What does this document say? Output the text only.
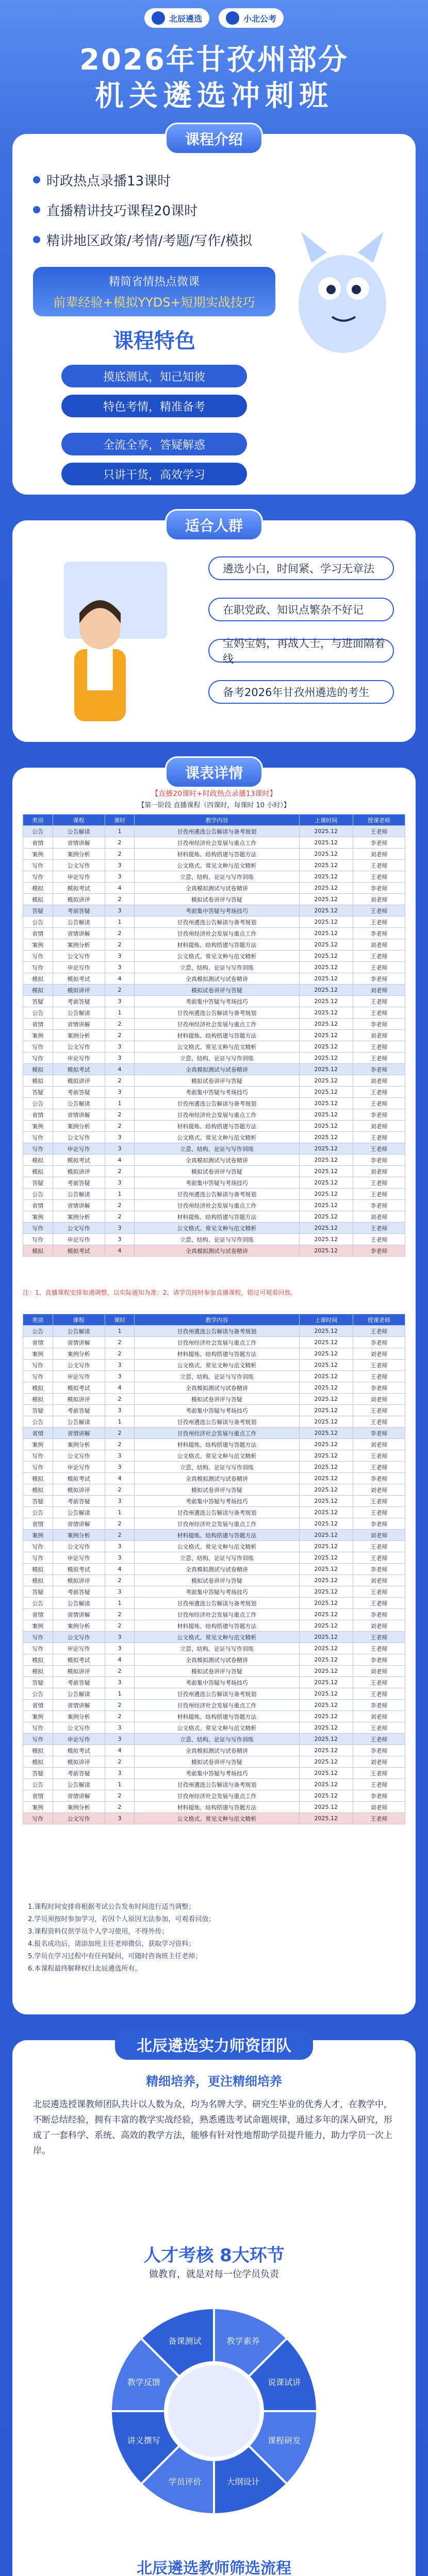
北辰遴选	小北公考
2026年甘孜州部分
机关遴选冲刺班
课程介绍
时政热点录播13课时
直播精讲技巧课程20课时
精讲地区政策/考情/考题/写作/模拟
精简省情热点微课
前辈经验+模拟YYDS+短期实战技巧
课程特色
摸底测试，知己知彼
特色考情，精准备考
全流全享，答疑解惑
只讲干货，高效学习
适合人群
遴选小白，时间紧、学习无章法
在职党政、知识点繁杂不好记
宝妈宝妈，再战人士，与进面隔着线
备考2026年甘孜州遴选的考生
课表详情
【直播20课时+时政热点录播13课时】
【第一阶段 直播课程（四课时，每课时 10 小时）】
类别	课程	课时	教学内容	上课时间	授课老师
公告	公告解读	1	甘孜州遴选公告解读与备考规划	2025.12	王老师
省情	省情讲解	2	甘孜州经济社会发展与重点工作	2025.12	李老师
案例	案例分析	2	材料提炼、结构搭建与答题方法	2025.12	刘老师
写作	公文写作	3	公文格式、常见文种与范文精析	2025.12	王老师
写作	申论写作	3	立意、结构、论证与写作训练	2025.12	王老师
模拟	模拟考试	4	全真模拟测试与试卷精讲	2025.12	李老师
模拟	模拟讲评	2	模拟试卷讲评与答疑	2025.12	刘老师
答疑	考前答疑	3	考前集中答疑与考场技巧	2025.12	王老师
公告	公告解读	1	甘孜州遴选公告解读与备考规划	2025.12	王老师
省情	省情讲解	2	甘孜州经济社会发展与重点工作	2025.12	李老师
案例	案例分析	2	材料提炼、结构搭建与答题方法	2025.12	刘老师
写作	公文写作	3	公文格式、常见文种与范文精析	2025.12	王老师
写作	申论写作	3	立意、结构、论证与写作训练	2025.12	王老师
模拟	模拟考试	4	全真模拟测试与试卷精讲	2025.12	李老师
模拟	模拟讲评	2	模拟试卷讲评与答疑	2025.12	刘老师
答疑	考前答疑	3	考前集中答疑与考场技巧	2025.12	王老师
公告	公告解读	1	甘孜州遴选公告解读与备考规划	2025.12	王老师
省情	省情讲解	2	甘孜州经济社会发展与重点工作	2025.12	李老师
案例	案例分析	2	材料提炼、结构搭建与答题方法	2025.12	刘老师
写作	公文写作	3	公文格式、常见文种与范文精析	2025.12	王老师
写作	申论写作	3	立意、结构、论证与写作训练	2025.12	王老师
模拟	模拟考试	4	全真模拟测试与试卷精讲	2025.12	李老师
模拟	模拟讲评	2	模拟试卷讲评与答疑	2025.12	刘老师
答疑	考前答疑	3	考前集中答疑与考场技巧	2025.12	王老师
公告	公告解读	1	甘孜州遴选公告解读与备考规划	2025.12	王老师
省情	省情讲解	2	甘孜州经济社会发展与重点工作	2025.12	李老师
案例	案例分析	2	材料提炼、结构搭建与答题方法	2025.12	刘老师
写作	公文写作	3	公文格式、常见文种与范文精析	2025.12	王老师
写作	申论写作	3	立意、结构、论证与写作训练	2025.12	王老师
模拟	模拟考试	4	全真模拟测试与试卷精讲	2025.12	李老师
模拟	模拟讲评	2	模拟试卷讲评与答疑	2025.12	刘老师
答疑	考前答疑	3	考前集中答疑与考场技巧	2025.12	王老师
公告	公告解读	1	甘孜州遴选公告解读与备考规划	2025.12	王老师
省情	省情讲解	2	甘孜州经济社会发展与重点工作	2025.12	李老师
案例	案例分析	2	材料提炼、结构搭建与答题方法	2025.12	刘老师
写作	公文写作	3	公文格式、常见文种与范文精析	2025.12	王老师
写作	申论写作	3	立意、结构、论证与写作训练	2025.12	王老师
模拟	模拟考试	4	全真模拟测试与试卷精讲	2025.12	李老师
注：1、直播课程安排如遇调整，以实际通知为准；2、请学员按时参加直播课程，错过可观看回放。
类别	课程	课时	教学内容	上课时间	授课老师
公告	公告解读	1	甘孜州遴选公告解读与备考规划	2025.12	王老师
省情	省情讲解	2	甘孜州经济社会发展与重点工作	2025.12	李老师
案例	案例分析	2	材料提炼、结构搭建与答题方法	2025.12	刘老师
写作	公文写作	3	公文格式、常见文种与范文精析	2025.12	王老师
写作	申论写作	3	立意、结构、论证与写作训练	2025.12	王老师
模拟	模拟考试	4	全真模拟测试与试卷精讲	2025.12	李老师
模拟	模拟讲评	2	模拟试卷讲评与答疑	2025.12	刘老师
答疑	考前答疑	3	考前集中答疑与考场技巧	2025.12	王老师
公告	公告解读	1	甘孜州遴选公告解读与备考规划	2025.12	王老师
省情	省情讲解	2	甘孜州经济社会发展与重点工作	2025.12	李老师
案例	案例分析	2	材料提炼、结构搭建与答题方法	2025.12	刘老师
写作	公文写作	3	公文格式、常见文种与范文精析	2025.12	王老师
写作	申论写作	3	立意、结构、论证与写作训练	2025.12	王老师
模拟	模拟考试	4	全真模拟测试与试卷精讲	2025.12	李老师
模拟	模拟讲评	2	模拟试卷讲评与答疑	2025.12	刘老师
答疑	考前答疑	3	考前集中答疑与考场技巧	2025.12	王老师
公告	公告解读	1	甘孜州遴选公告解读与备考规划	2025.12	王老师
省情	省情讲解	2	甘孜州经济社会发展与重点工作	2025.12	李老师
案例	案例分析	2	材料提炼、结构搭建与答题方法	2025.12	刘老师
写作	公文写作	3	公文格式、常见文种与范文精析	2025.12	王老师
写作	申论写作	3	立意、结构、论证与写作训练	2025.12	王老师
模拟	模拟考试	4	全真模拟测试与试卷精讲	2025.12	李老师
模拟	模拟讲评	2	模拟试卷讲评与答疑	2025.12	刘老师
答疑	考前答疑	3	考前集中答疑与考场技巧	2025.12	王老师
公告	公告解读	1	甘孜州遴选公告解读与备考规划	2025.12	王老师
省情	省情讲解	2	甘孜州经济社会发展与重点工作	2025.12	李老师
案例	案例分析	2	材料提炼、结构搭建与答题方法	2025.12	刘老师
写作	公文写作	3	公文格式、常见文种与范文精析	2025.12	王老师
写作	申论写作	3	立意、结构、论证与写作训练	2025.12	王老师
模拟	模拟考试	4	全真模拟测试与试卷精讲	2025.12	李老师
模拟	模拟讲评	2	模拟试卷讲评与答疑	2025.12	刘老师
答疑	考前答疑	3	考前集中答疑与考场技巧	2025.12	王老师
公告	公告解读	1	甘孜州遴选公告解读与备考规划	2025.12	王老师
省情	省情讲解	2	甘孜州经济社会发展与重点工作	2025.12	李老师
案例	案例分析	2	材料提炼、结构搭建与答题方法	2025.12	刘老师
写作	公文写作	3	公文格式、常见文种与范文精析	2025.12	王老师
写作	申论写作	3	立意、结构、论证与写作训练	2025.12	王老师
模拟	模拟考试	4	全真模拟测试与试卷精讲	2025.12	李老师
模拟	模拟讲评	2	模拟试卷讲评与答疑	2025.12	刘老师
答疑	考前答疑	3	考前集中答疑与考场技巧	2025.12	王老师
公告	公告解读	1	甘孜州遴选公告解读与备考规划	2025.12	王老师
省情	省情讲解	2	甘孜州经济社会发展与重点工作	2025.12	李老师
案例	案例分析	2	材料提炼、结构搭建与答题方法	2025.12	刘老师
写作	公文写作	3	公文格式、常见文种与范文精析	2025.12	王老师
1.课程时间安排将根据考试公告发布时间进行适当调整；
2.学员须按时参加学习，若因个人原因无法参加，可观看回放；
3.课程资料仅供学员个人学习使用，不得外传；
4.报名成功后，请添加班主任老师微信，获取学习资料；
5.学员在学习过程中有任何疑问，可随时咨询班主任老师；
6.本课程最终解释权归北辰遴选所有。
北辰遴选实力师资团队
精细培养，更注精细培养
北辰遴选授课教师团队共计以人数为众，均为名牌大学、研究生毕业的优秀人才，在教学中，不断总结经验，拥有丰富的教学实战经验，熟悉遴选考试命题规律，通过多年的深入研究，形成了一套科学、系统、高效的教学方法，能够有针对性地帮助学员提升能力，助力学员一次上岸。
人才考核 8大环节
做教育，就是对每一位学员负责
教学素养
说课试讲
课程研发
大纲设计
学员评价
讲义撰写
教学反馈
备课测试
北辰遴选教师筛选流程
